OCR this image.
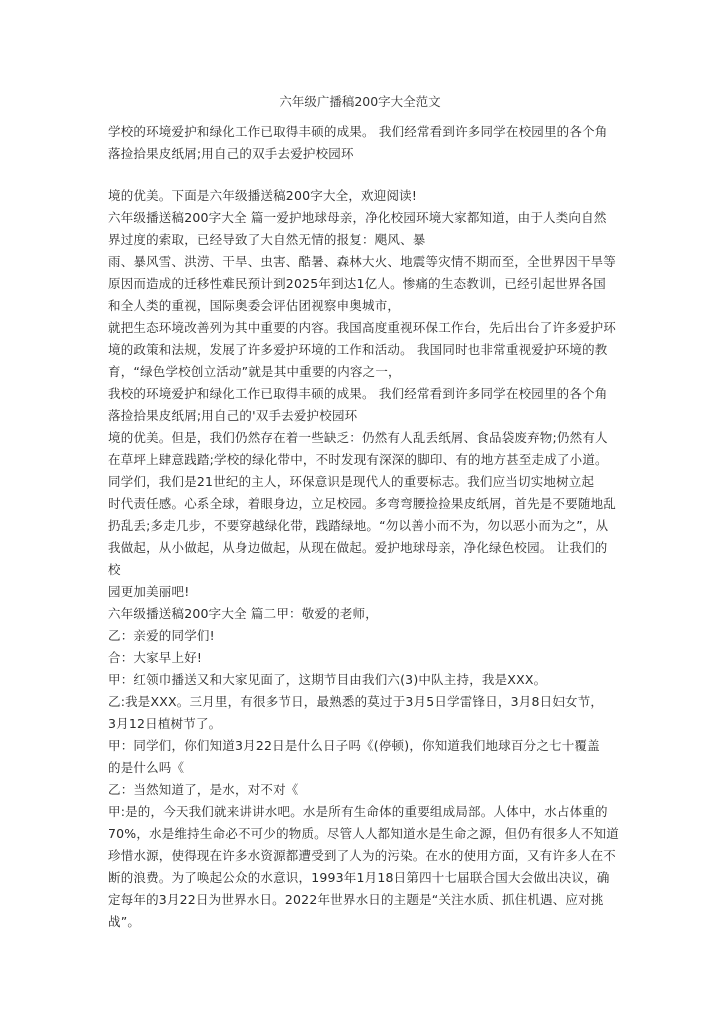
六年级广播稿200字大全范文
学校的环境爱护和绿化工作已取得丰硕的成果。 我们经常看到许多同学在校园里的各个角
落捡拾果皮纸屑;用自己的双手去爱护校园环
境的优美。下面是六年级播送稿200字大全，欢迎阅读!
六年级播送稿200字大全 篇一爱护地球母亲，净化校园环境大家都知道，由于人类向自然
界过度的索取，已经导致了大自然无情的报复：飓风、暴
雨、暴风雪、洪涝、干旱、虫害、酷暑、森林大火、地震等灾情不期而至，全世界因干旱等
原因而造成的迁移性难民预计到2025年到达1亿人。惨痛的生态教训，已经引起世界各国
和全人类的重视，国际奥委会评估团视察申奥城市，
就把生态环境改善列为其中重要的内容。我国高度重视环保工作台，先后出台了许多爱护环
境的政策和法规，发展了许多爱护环境的工作和活动。 我国同时也非常重视爱护环境的教
育，“绿色学校创立活动”就是其中重要的内容之一，
我校的环境爱护和绿化工作已取得丰硕的成果。 我们经常看到许多同学在校园里的各个角
落捡拾果皮纸屑;用自己的'双手去爱护校园环
境的优美。但是，我们仍然存在着一些缺乏：仍然有人乱丢纸屑、食品袋废弃物;仍然有人
在草坪上肆意践踏;学校的绿化带中，不时发现有深深的脚印、有的地方甚至走成了小道。
同学们，我们是21世纪的主人，环保意识是现代人的重要标志。我们应当切实地树立起
时代责任感。心系全球，着眼身边，立足校园。多弯弯腰捡捡果皮纸屑，首先是不要随地乱
扔乱丢;多走几步，不要穿越绿化带，践踏绿地。“勿以善小而不为，勿以恶小而为之”，从
我做起，从小做起，从身边做起，从现在做起。爱护地球母亲，净化绿色校园。 让我们的
校
园更加美丽吧!
六年级播送稿200字大全 篇二甲：敬爱的老师，
乙：亲爱的同学们!
合：大家早上好!
甲：红领巾播送又和大家见面了，这期节目由我们六(3)中队主持，我是XXX。
乙:我是XXX。三月里，有很多节日，最熟悉的莫过于3月5日学雷锋日，3月8日妇女节，
3月12日植树节了。
甲：同学们，你们知道3月22日是什么日子吗《(停顿)，你知道我们地球百分之七十覆盖
的是什么吗《
乙：当然知道了，是水，对不对《
甲:是的，今天我们就来讲讲水吧。水是所有生命体的重要组成局部。人体中，水占体重的
70%，水是维持生命必不可少的物质。尽管人人都知道水是生命之源，但仍有很多人不知道
珍惜水源，使得现在许多水资源都遭受到了人为的污染。在水的使用方面，又有许多人在不
断的浪费。为了唤起公众的水意识，1993年1月18日第四十七届联合国大会做出决议，确
定每年的3月22日为世界水日。2022年世界水日的主题是“关注水质、抓住机遇、应对挑
战”。
